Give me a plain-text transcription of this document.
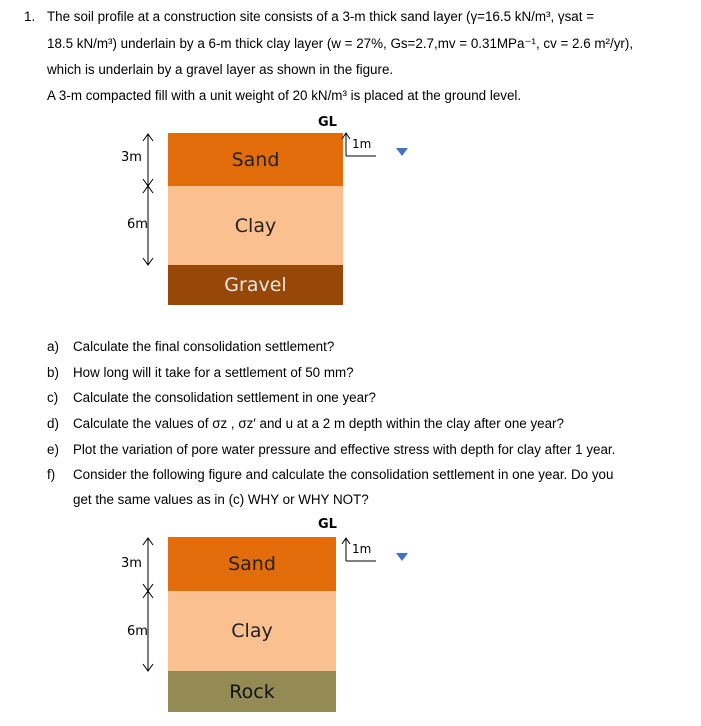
1. The soil profile at a construction site consists of a 3-m thick sand layer (γ=16.5 kN/m³, γsat =
18.5 kN/m³) underlain by a 6-m thick clay layer (w = 27%, Gs=2.7,mv = 0.31MPa⁻¹, cv = 2.6 m²/yr),
which is underlain by a gravel layer as shown in the figure.
A 3-m compacted fill with a unit weight of 20 kN/m³ is placed at the ground level.
GL
Sand
Clay
Gravel
3m
6m
1m
a) Calculate the final consolidation settlement?
b) How long will it take for a settlement of 50 mm?
c) Calculate the consolidation settlement in one year?
d) Calculate the values of σz , σz′ and u at a 2 m depth within the clay after one year?
e) Plot the variation of pore water pressure and effective stress with depth for clay after 1 year.
f) Consider the following figure and calculate the consolidation settlement in one year. Do you
get the same values as in (c) WHY or WHY NOT?
GL
Sand
Clay
Rock
3m
6m
1m
